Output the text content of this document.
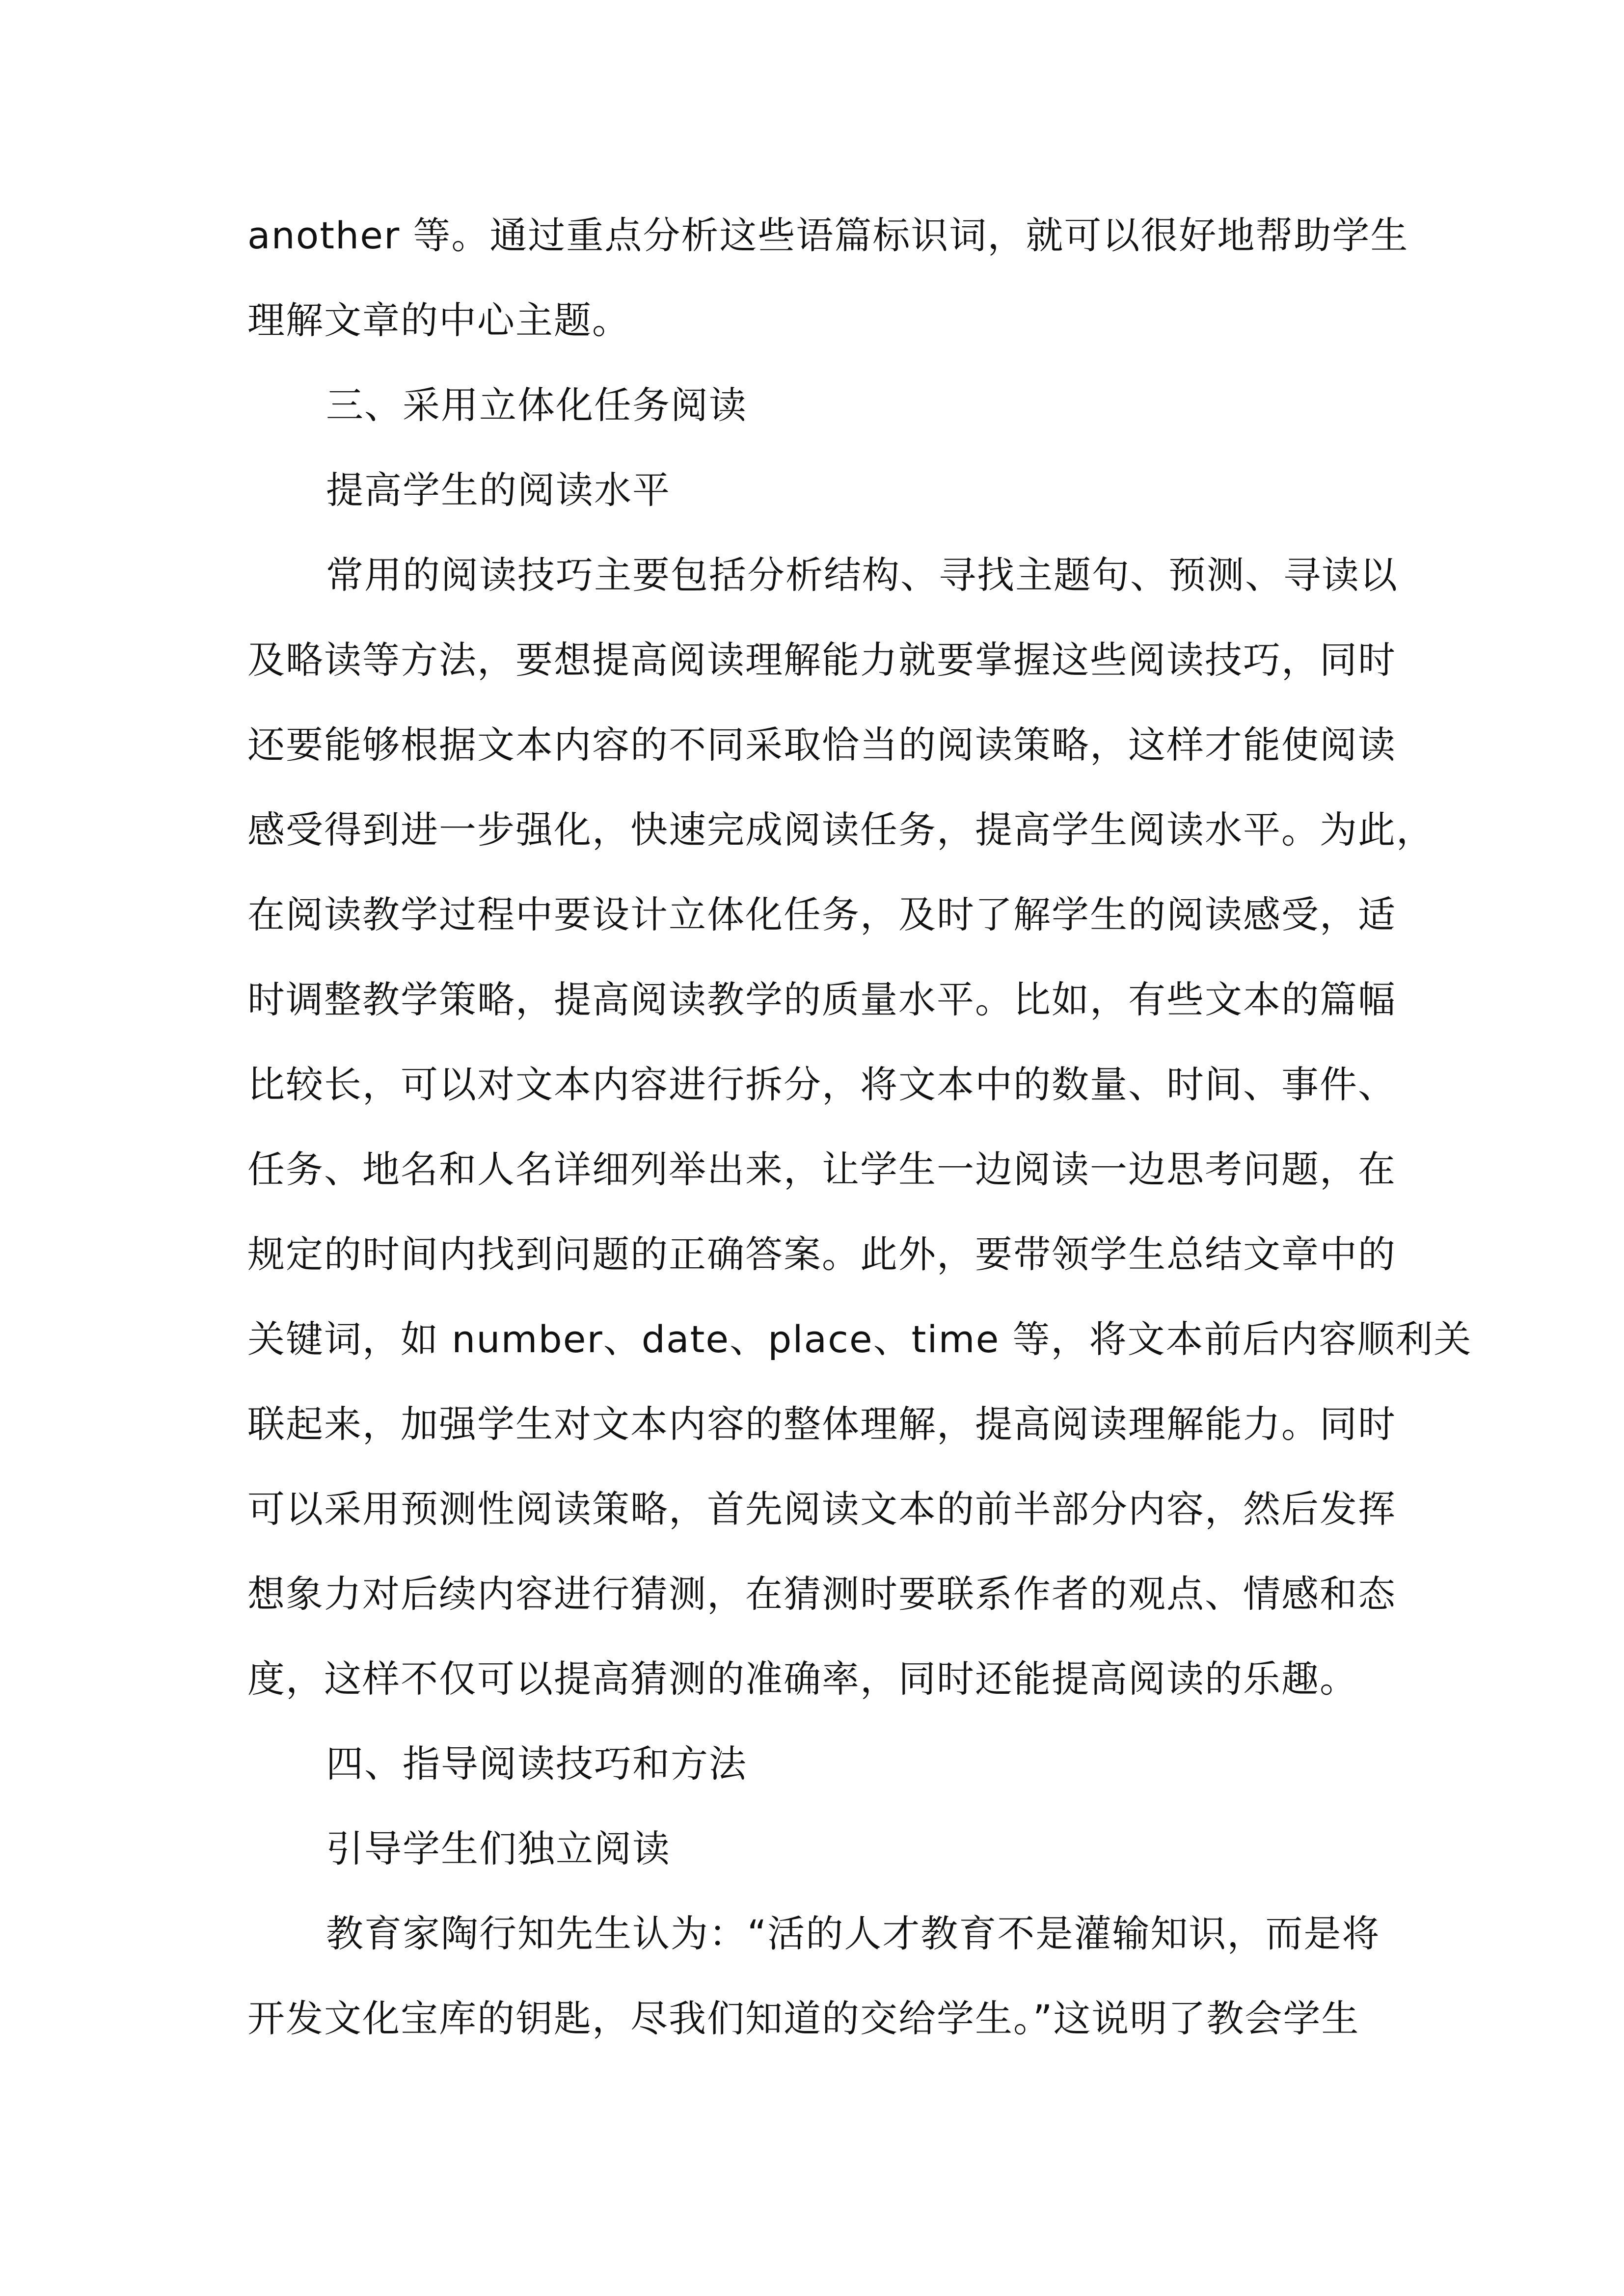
another 等。通过重点分析这些语篇标识词，就可以很好地帮助学生
理解文章的中心主题。
三、采用立体化任务阅读
提高学生的阅读水平
常用的阅读技巧主要包括分析结构、寻找主题句、预测、寻读以
及略读等方法，要想提高阅读理解能力就要掌握这些阅读技巧，同时
还要能够根据文本内容的不同采取恰当的阅读策略，这样才能使阅读
感受得到进一步强化，快速完成阅读任务，提高学生阅读水平。为此，
在阅读教学过程中要设计立体化任务，及时了解学生的阅读感受，适
时调整教学策略，提高阅读教学的质量水平。比如，有些文本的篇幅
比较长，可以对文本内容进行拆分，将文本中的数量、时间、事件、
任务、地名和人名详细列举出来，让学生一边阅读一边思考问题，在
规定的时间内找到问题的正确答案。此外，要带领学生总结文章中的
关键词，如 number、date、place、time 等，将文本前后内容顺利关
联起来，加强学生对文本内容的整体理解，提高阅读理解能力。同时
可以采用预测性阅读策略，首先阅读文本的前半部分内容，然后发挥
想象力对后续内容进行猜测，在猜测时要联系作者的观点、情感和态
度，这样不仅可以提高猜测的准确率，同时还能提高阅读的乐趣。
四、指导阅读技巧和方法
引导学生们独立阅读
教育家陶行知先生认为：“活的人才教育不是灌输知识，而是将
开发文化宝库的钥匙，尽我们知道的交给学生。”这说明了教会学生
